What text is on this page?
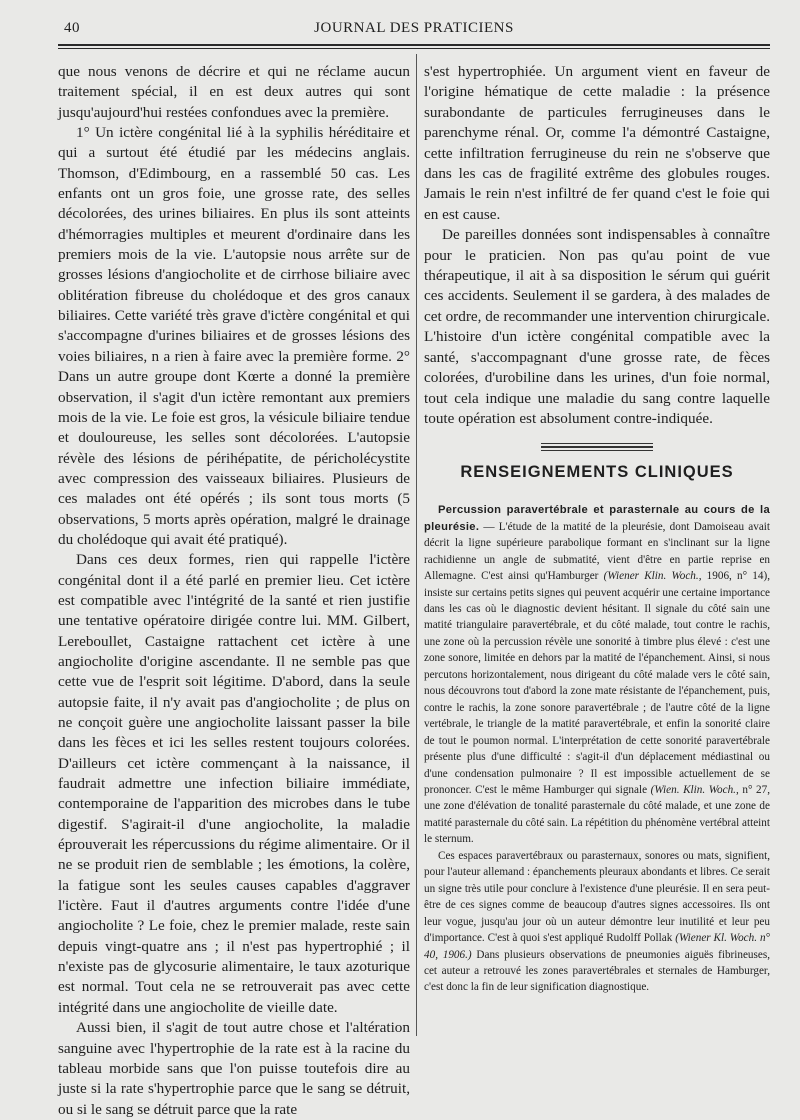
40	JOURNAL DES PRATICIENS

que nous venons de décrire et qui ne réclame aucun traitement spécial, il en est deux autres qui sont jusqu'aujourd'hui restées confondues avec la première.

1° Un ictère congénital lié à la syphilis héréditaire et qui a surtout été étudié par les médecins anglais. Thomson, d'Edimbourg, en a rassemblé 50 cas. Les enfants ont un gros foie, une grosse rate, des selles décolorées, des urines biliaires. En plus ils sont atteints d'hémorragies multiples et meurent d'ordinaire dans les premiers mois de la vie. L'autopsie nous arrête sur de grosses lésions d'angiocholite et de cirrhose biliaire avec oblitération fibreuse du cholédoque et des gros canaux biliaires. Cette variété très grave d'ictère congénital et qui s'accompagne d'urines biliaires et de grosses lésions des voies biliaires, n a rien à faire avec la première forme. 2° Dans un autre groupe dont Kœrte a donné la première observation, il s'agit d'un ictère remontant aux premiers mois de la vie. Le foie est gros, la vésicule biliaire tendue et douloureuse, les selles sont décolorées. L'autopsie révèle des lésions de périhépatite, de péricholécystite avec compression des vaisseaux biliaires. Plusieurs de ces malades ont été opérés ; ils sont tous morts (5 observations, 5 morts après opération, malgré le drainage du cholédoque qui avait été pratiqué).

Dans ces deux formes, rien qui rappelle l'ictère congénital dont il a été parlé en premier lieu. Cet ictère est compatible avec l'intégrité de la santé et rien justifie une tentative opératoire dirigée contre lui. MM. Gilbert, Lereboullet, Castaigne rattachent cet ictère à une angiocholite d'origine ascendante. Il ne semble pas que cette vue de l'esprit soit légitime. D'abord, dans la seule autopsie faite, il n'y avait pas d'angiocholite ; de plus on ne conçoit guère une angiocholite laissant passer la bile dans les fèces et ici les selles restent toujours colorées. D'ailleurs cet ictère commençant à la naissance, il faudrait admettre une infection biliaire immédiate, contemporaine de l'apparition des microbes dans le tube digestif. S'agirait-il d'une angiocholite, la maladie éprouverait les répercussions du régime alimentaire. Or il ne se produit rien de semblable ; les émotions, la colère, la fatigue sont les seules causes capables d'aggraver l'ictère. Faut il d'autres arguments contre l'idée d'une angiocholite ? Le foie, chez le premier malade, reste sain depuis vingt-quatre ans ; il n'est pas hypertrophié ; il n'existe pas de glycosurie alimentaire, le taux azoturique est normal. Tout cela ne se retrouverait pas avec cette intégrité dans une angiocholite de vieille date.

Aussi bien, il s'agit de tout autre chose et l'altération sanguine avec l'hypertrophie de la rate est à la racine du tableau morbide sans que l'on puisse toutefois dire au juste si la rate s'hypertrophie parce que le sang se détruit, ou si le sang se détruit parce que la rate

s'est hypertrophiée. Un argument vient en faveur de l'origine hématique de cette maladie : la présence surabondante de particules ferrugineuses dans le parenchyme rénal. Or, comme l'a démontré Castaigne, cette infiltration ferrugineuse du rein ne s'observe que dans les cas de fragilité extrême des globules rouges. Jamais le rein n'est infiltré de fer quand c'est le foie qui en est cause.

De pareilles données sont indispensables à connaître pour le praticien. Non pas qu'au point de vue thérapeutique, il ait à sa disposition le sérum qui guérit ces accidents. Seulement il se gardera, à des malades de cet ordre, de recommander une intervention chirurgicale. L'histoire d'un ictère congénital compatible avec la santé, s'accompagnant d'une grosse rate, de fèces colorées, d'urobiline dans les urines, d'un foie normal, tout cela indique une maladie du sang contre laquelle toute opération est absolument contre-indiquée.

RENSEIGNEMENTS CLINIQUES

Percussion paravertébrale et parasternale au cours de la pleurésie. — L'étude de la matité de la pleurésie, dont Damoiseau avait décrit la ligne supérieure parabolique formant en s'inclinant sur la ligne rachidienne un angle de submatité, vient d'être en partie reprise en Allemagne. C'est ainsi qu'Hamburger (Wiener Klin. Woch., 1906, n° 14), insiste sur certains petits signes qui peuvent acquérir une certaine importance dans les cas où le diagnostic devient hésitant. Il signale du côté sain une matité triangulaire paravertébrale, et du côté malade, tout contre le rachis, une zone où la percussion révèle une sonorité à timbre plus élevé : c'est une zone sonore, limitée en dehors par la matité de l'épanchement. Ainsi, si nous percutons horizontalement, nous dirigeant du côté malade vers le côté sain, nous découvrons tout d'abord la zone mate résistante de l'épanchement, puis, contre le rachis, la zone sonore paravertébrale ; de l'autre côté de la ligne vertébrale, le triangle de la matité paravertébrale, et enfin la sonorité claire de tout le poumon normal. L'interprétation de cette sonorité paravertébrale présente plus d'une difficulté : s'agit-il d'un déplacement médiastinal ou d'une condensation pulmonaire ? Il est impossible actuellement de se prononcer. C'est le même Hamburger qui signale (Wien. Klin. Woch., n° 27, une zone d'élévation de tonalité parasternale du côté malade, et une zone de matité parasternale du côté sain. La répétition du phénomène vertébral atteint le sternum.

Ces espaces paravertébraux ou parasternaux, sonores ou mats, signifient, pour l'auteur allemand : épanchements pleuraux abondants et libres. Ce serait un signe très utile pour conclure à l'existence d'une pleurésie. Il en sera peut-être de ces signes comme de beaucoup d'autres signes accessoires. Ils ont leur vogue, jusqu'au jour où un auteur démontre leur inutilité et leur peu d'importance. C'est à quoi s'est appliqué Rudolff Pollak (Wiener Kl. Woch. n° 40, 1906.) Dans plusieurs observations de pneumonies aiguës fibrineuses, cet auteur a retrouvé les zones paravertébrales et sternales de Hamburger, c'est donc la fin de leur signification diagnostique.
